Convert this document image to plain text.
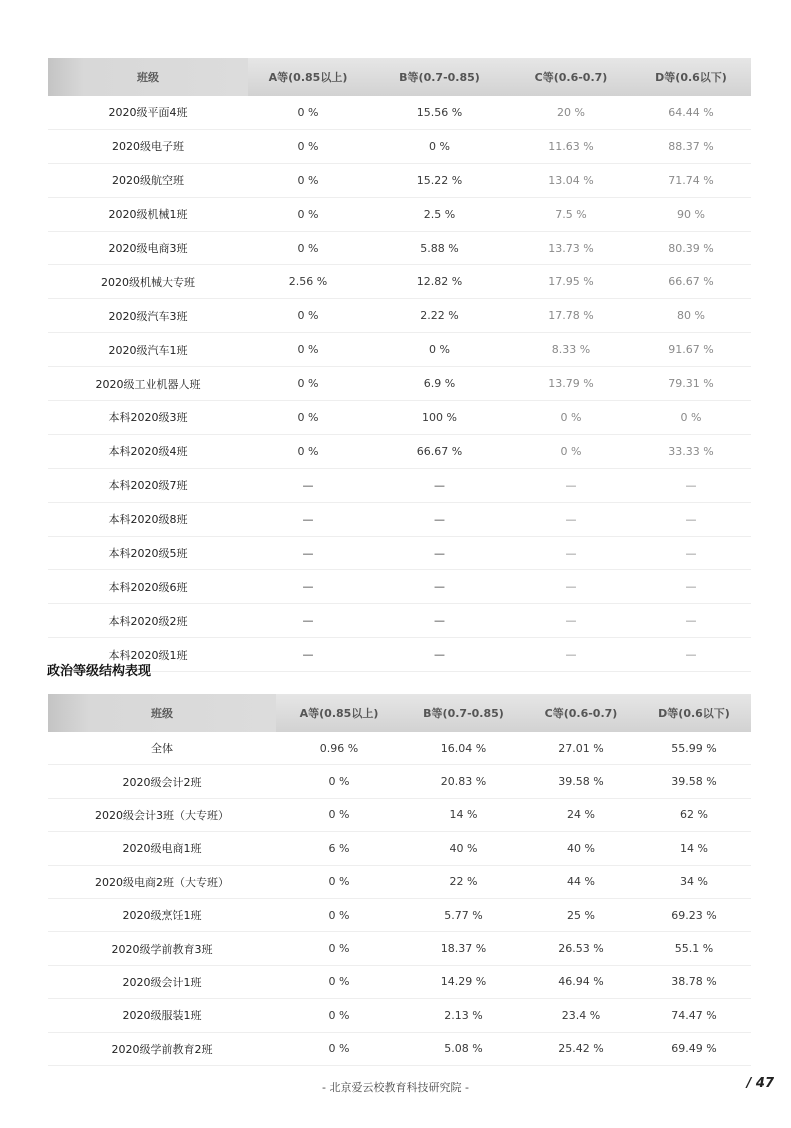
班级	A等(0.85以上)	B等(0.7-0.85)	C等(0.6-0.7)	D等(0.6以下)
2020级平面4班	0 %	15.56 %	20 %	64.44 %
2020级电子班	0 %	0 %	11.63 %	88.37 %
2020级航空班	0 %	15.22 %	13.04 %	71.74 %
2020级机械1班	0 %	2.5 %	7.5 %	90 %
2020级电商3班	0 %	5.88 %	13.73 %	80.39 %
2020级机械大专班	2.56 %	12.82 %	17.95 %	66.67 %
2020级汽车3班	0 %	2.22 %	17.78 %	80 %
2020级汽车1班	0 %	0 %	8.33 %	91.67 %
2020级工业机器人班	0 %	6.9 %	13.79 %	79.31 %
本科2020级3班	0 %	100 %	0 %	0 %
本科2020级4班	0 %	66.67 %	0 %	33.33 %
本科2020级7班	—	—	—	—
本科2020级8班	—	—	—	—
本科2020级5班	—	—	—	—
本科2020级6班	—	—	—	—
本科2020级2班	—	—	—	—
本科2020级1班	—	—	—	—
政治等级结构表现
班级	A等(0.85以上)	B等(0.7-0.85)	C等(0.6-0.7)	D等(0.6以下)
全体	0.96 %	16.04 %	27.01 %	55.99 %
2020级会计2班	0 %	20.83 %	39.58 %	39.58 %
2020级会计3班（大专班）	0 %	14 %	24 %	62 %
2020级电商1班	6 %	40 %	40 %	14 %
2020级电商2班（大专班）	0 %	22 %	44 %	34 %
2020级烹饪1班	0 %	5.77 %	25 %	69.23 %
2020级学前教育3班	0 %	18.37 %	26.53 %	55.1 %
2020级会计1班	0 %	14.29 %	46.94 %	38.78 %
2020级服装1班	0 %	2.13 %	23.4 %	74.47 %
2020级学前教育2班	0 %	5.08 %	25.42 %	69.49 %
- 北京爱云校教育科技研究院 -	/ 47
